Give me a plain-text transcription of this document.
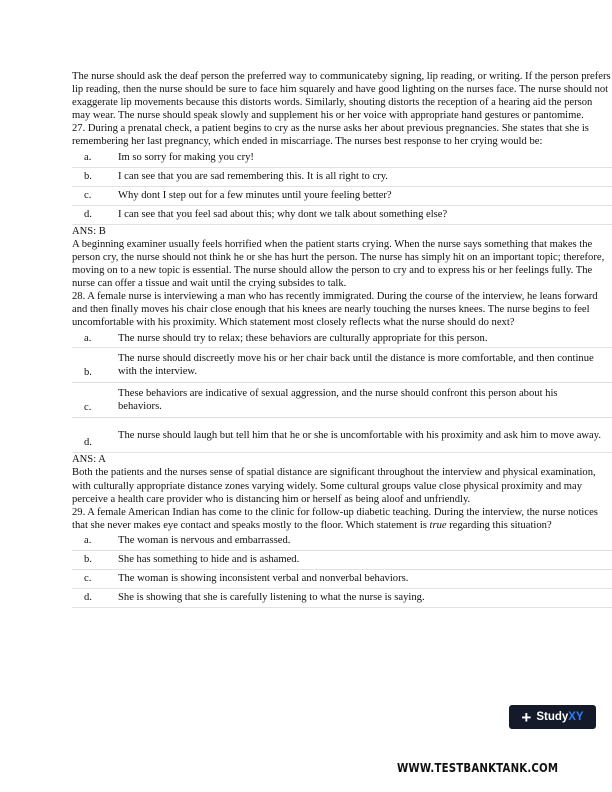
The nurse should ask the deaf person the preferred way to communicateby signing, lip reading, or writing. If the person prefers lip reading, then the nurse should be sure to face him squarely and have good lighting on the nurses face. The nurse should not exaggerate lip movements because this distorts words. Similarly, shouting distorts the reception of a hearing aid the person may wear. The nurse should speak slowly and supplement his or her voice with appropriate hand gestures or pantomime.

27. During a prenatal check, a patient begins to cry as the nurse asks her about previous pregnancies. She states that she is remembering her last pregnancy, which ended in miscarriage. The nurses best response to her crying would be:

a.	Im so sorry for making you cry!
b.	I can see that you are sad remembering this. It is all right to cry.
c.	Why dont I step out for a few minutes until youre feeling better?
d.	I can see that you feel sad about this; why dont we talk about something else?

ANS: B

A beginning examiner usually feels horrified when the patient starts crying. When the nurse says something that makes the person cry, the nurse should not think he or she has hurt the person. The nurse has simply hit on an important topic; therefore, moving on to a new topic is essential. The nurse should allow the person to cry and to express his or her feelings fully. The nurse can offer a tissue and wait until the crying subsides to talk.

28. A female nurse is interviewing a man who has recently immigrated. During the course of the interview, he leans forward and then finally moves his chair close enough that his knees are nearly touching the nurses knees. The nurse begins to feel uncomfortable with his proximity. Which statement most closely reflects what the nurse should do next?

a.	The nurse should try to relax; these behaviors are culturally appropriate for this person.
b.
The nurse should discreetly move his or her chair back until the distance is more comfortable, and then continue with the interview.
c.
These behaviors are indicative of sexual aggression, and the nurse should confront this person about his behaviors.
d.
The nurse should laugh but tell him that he or she is uncomfortable with his proximity and ask him to move away.

ANS: A

Both the patients and the nurses sense of spatial distance are significant throughout the interview and physical examination, with culturally appropriate distance zones varying widely. Some cultural groups value close physical proximity and may perceive a health care provider who is distancing him or herself as being aloof and unfriendly.

29. A female American Indian has come to the clinic for follow-up diabetic teaching. During the interview, the nurse notices that she never makes eye contact and speaks mostly to the floor. Which statement is true regarding this situation?

a.	The woman is nervous and embarrassed.
b.	She has something to hide and is ashamed.
c.	The woman is showing inconsistent verbal and nonverbal behaviors.
d.	She is showing that she is carefully listening to what the nurse is saying.
+ Study XY
WWW.TESTBANKTANK.COM
